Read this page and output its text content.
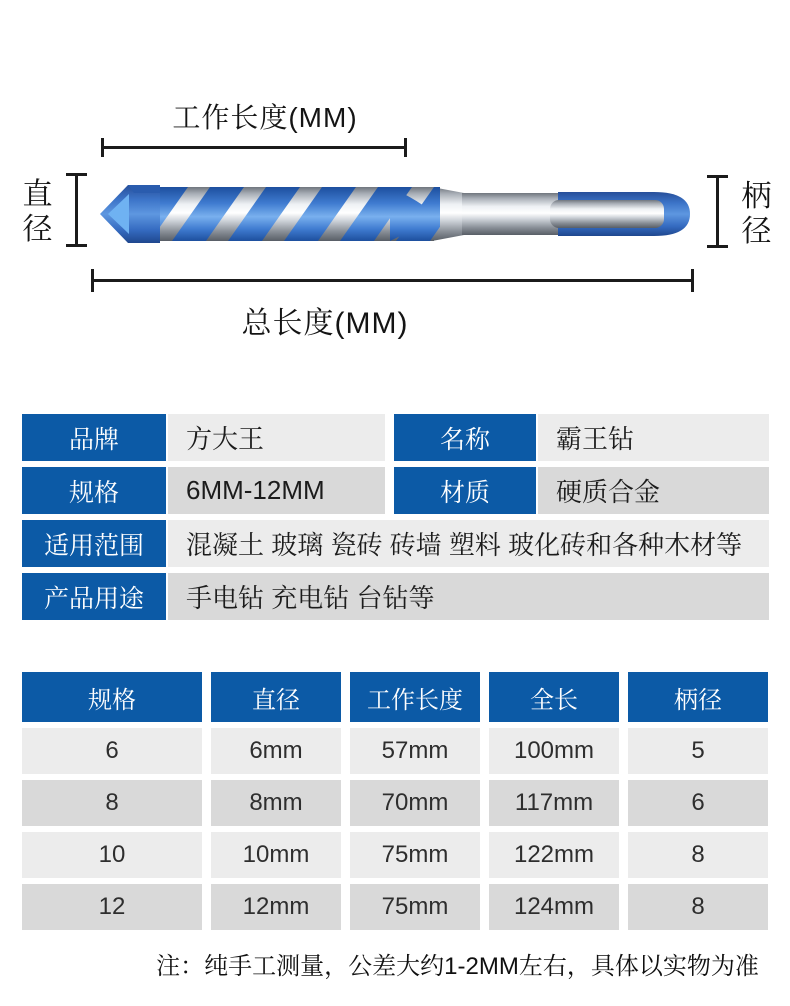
工作长度(MM)
直径
柄径
总长度(MM)
品牌	方大王	名称	霸王钻
规格	6MM-12MM	材质	硬质合金
适用范围	混凝土 玻璃 瓷砖 砖墙 塑料 玻化砖和各种木材等
产品用途	手电钻 充电钻 台钻等
规格	直径	工作长度	全长	柄径
6	6mm	57mm	100mm	5
8	8mm	70mm	117mm	6
10	10mm	75mm	122mm	8
12	12mm	75mm	124mm	8
注：纯手工测量，公差大约1-2MM左右，具体以实物为准
